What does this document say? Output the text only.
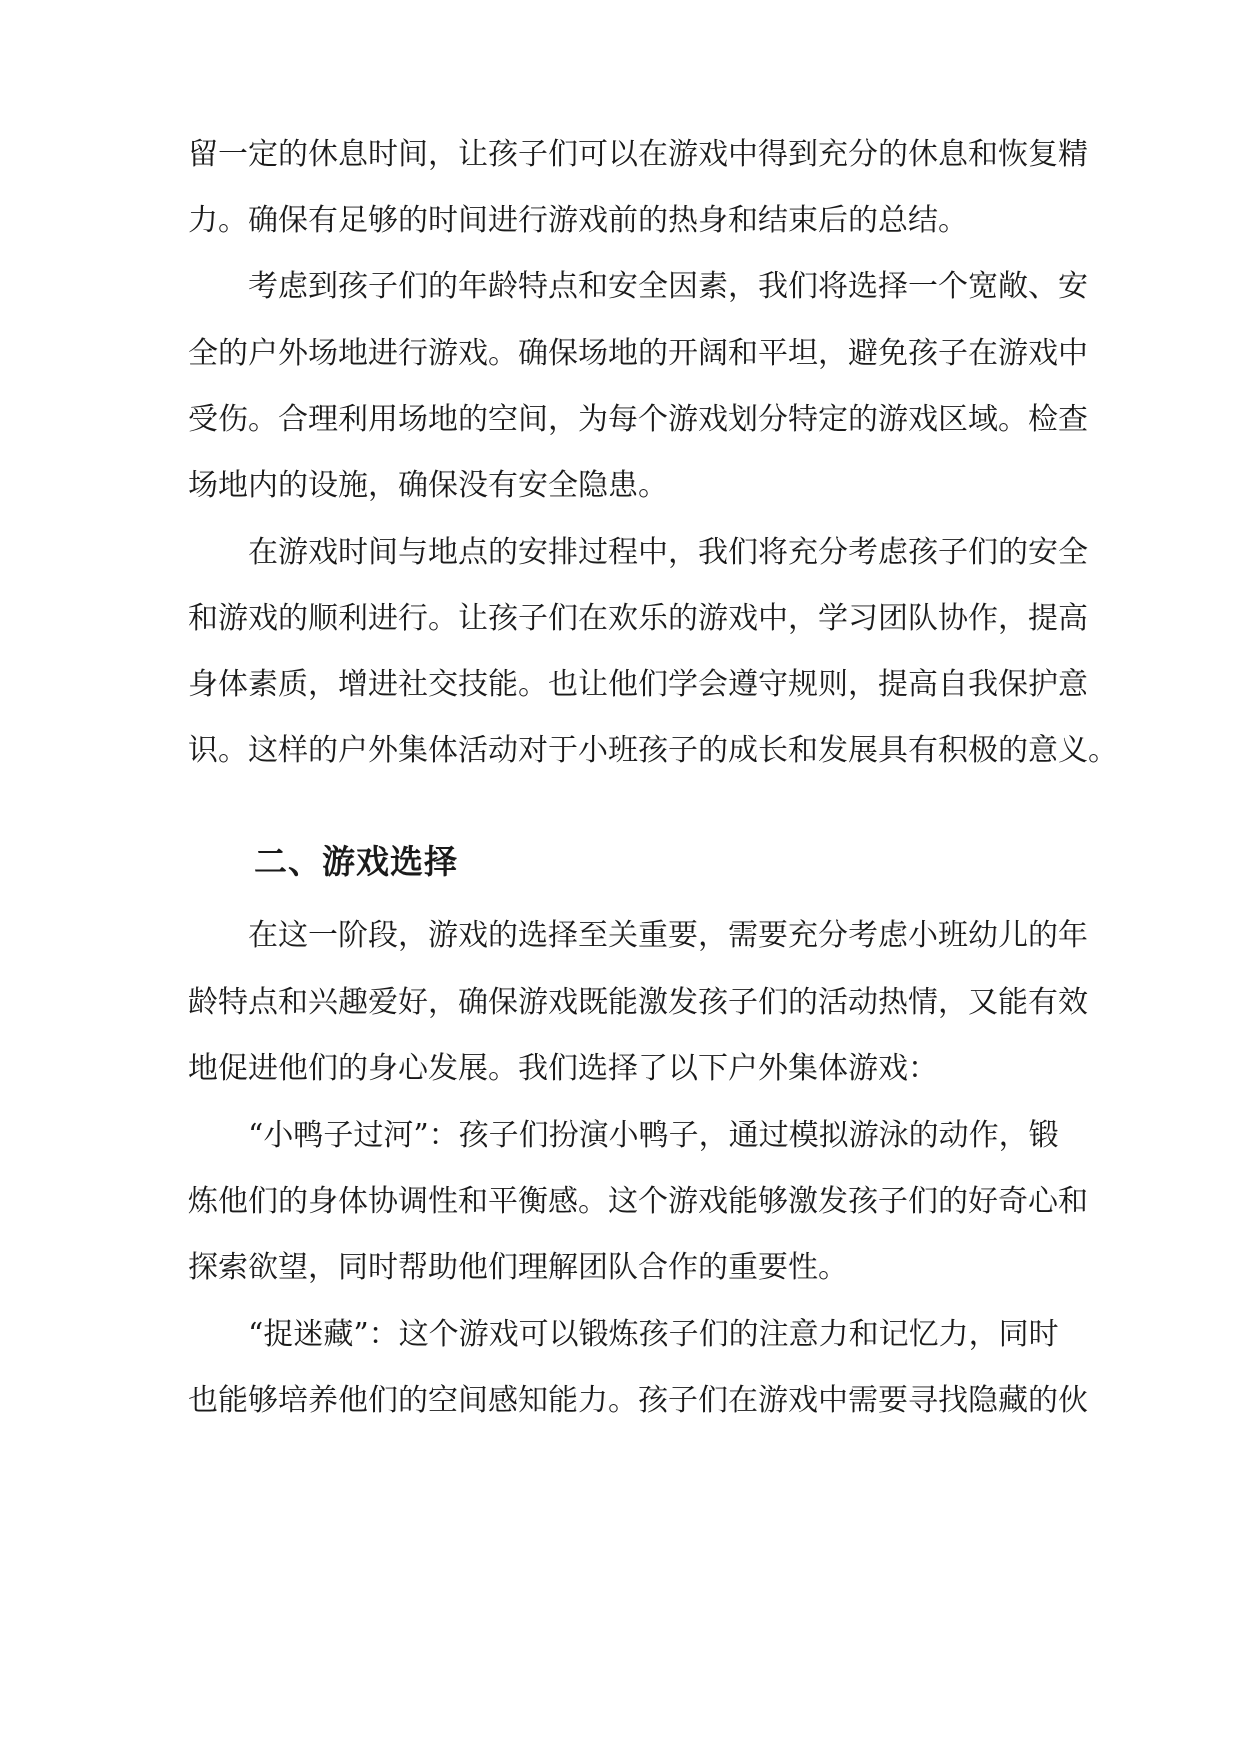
留一定的休息时间，让孩子们可以在游戏中得到充分的休息和恢复精
力。确保有足够的时间进行游戏前的热身和结束后的总结。
考虑到孩子们的年龄特点和安全因素，我们将选择一个宽敞、安
全的户外场地进行游戏。确保场地的开阔和平坦，避免孩子在游戏中
受伤。合理利用场地的空间，为每个游戏划分特定的游戏区域。检查
场地内的设施，确保没有安全隐患。
在游戏时间与地点的安排过程中，我们将充分考虑孩子们的安全
和游戏的顺利进行。让孩子们在欢乐的游戏中，学习团队协作，提高
身体素质，增进社交技能。也让他们学会遵守规则，提高自我保护意
识。这样的户外集体活动对于小班孩子的成长和发展具有积极的意义。
二、游戏选择
在这一阶段，游戏的选择至关重要，需要充分考虑小班幼儿的年
龄特点和兴趣爱好，确保游戏既能激发孩子们的活动热情，又能有效
地促进他们的身心发展。我们选择了以下户外集体游戏：
“小鸭子过河”：孩子们扮演小鸭子，通过模拟游泳的动作，锻
炼他们的身体协调性和平衡感。这个游戏能够激发孩子们的好奇心和
探索欲望，同时帮助他们理解团队合作的重要性。
“捉迷藏”：这个游戏可以锻炼孩子们的注意力和记忆力，同时
也能够培养他们的空间感知能力。孩子们在游戏中需要寻找隐藏的伙
